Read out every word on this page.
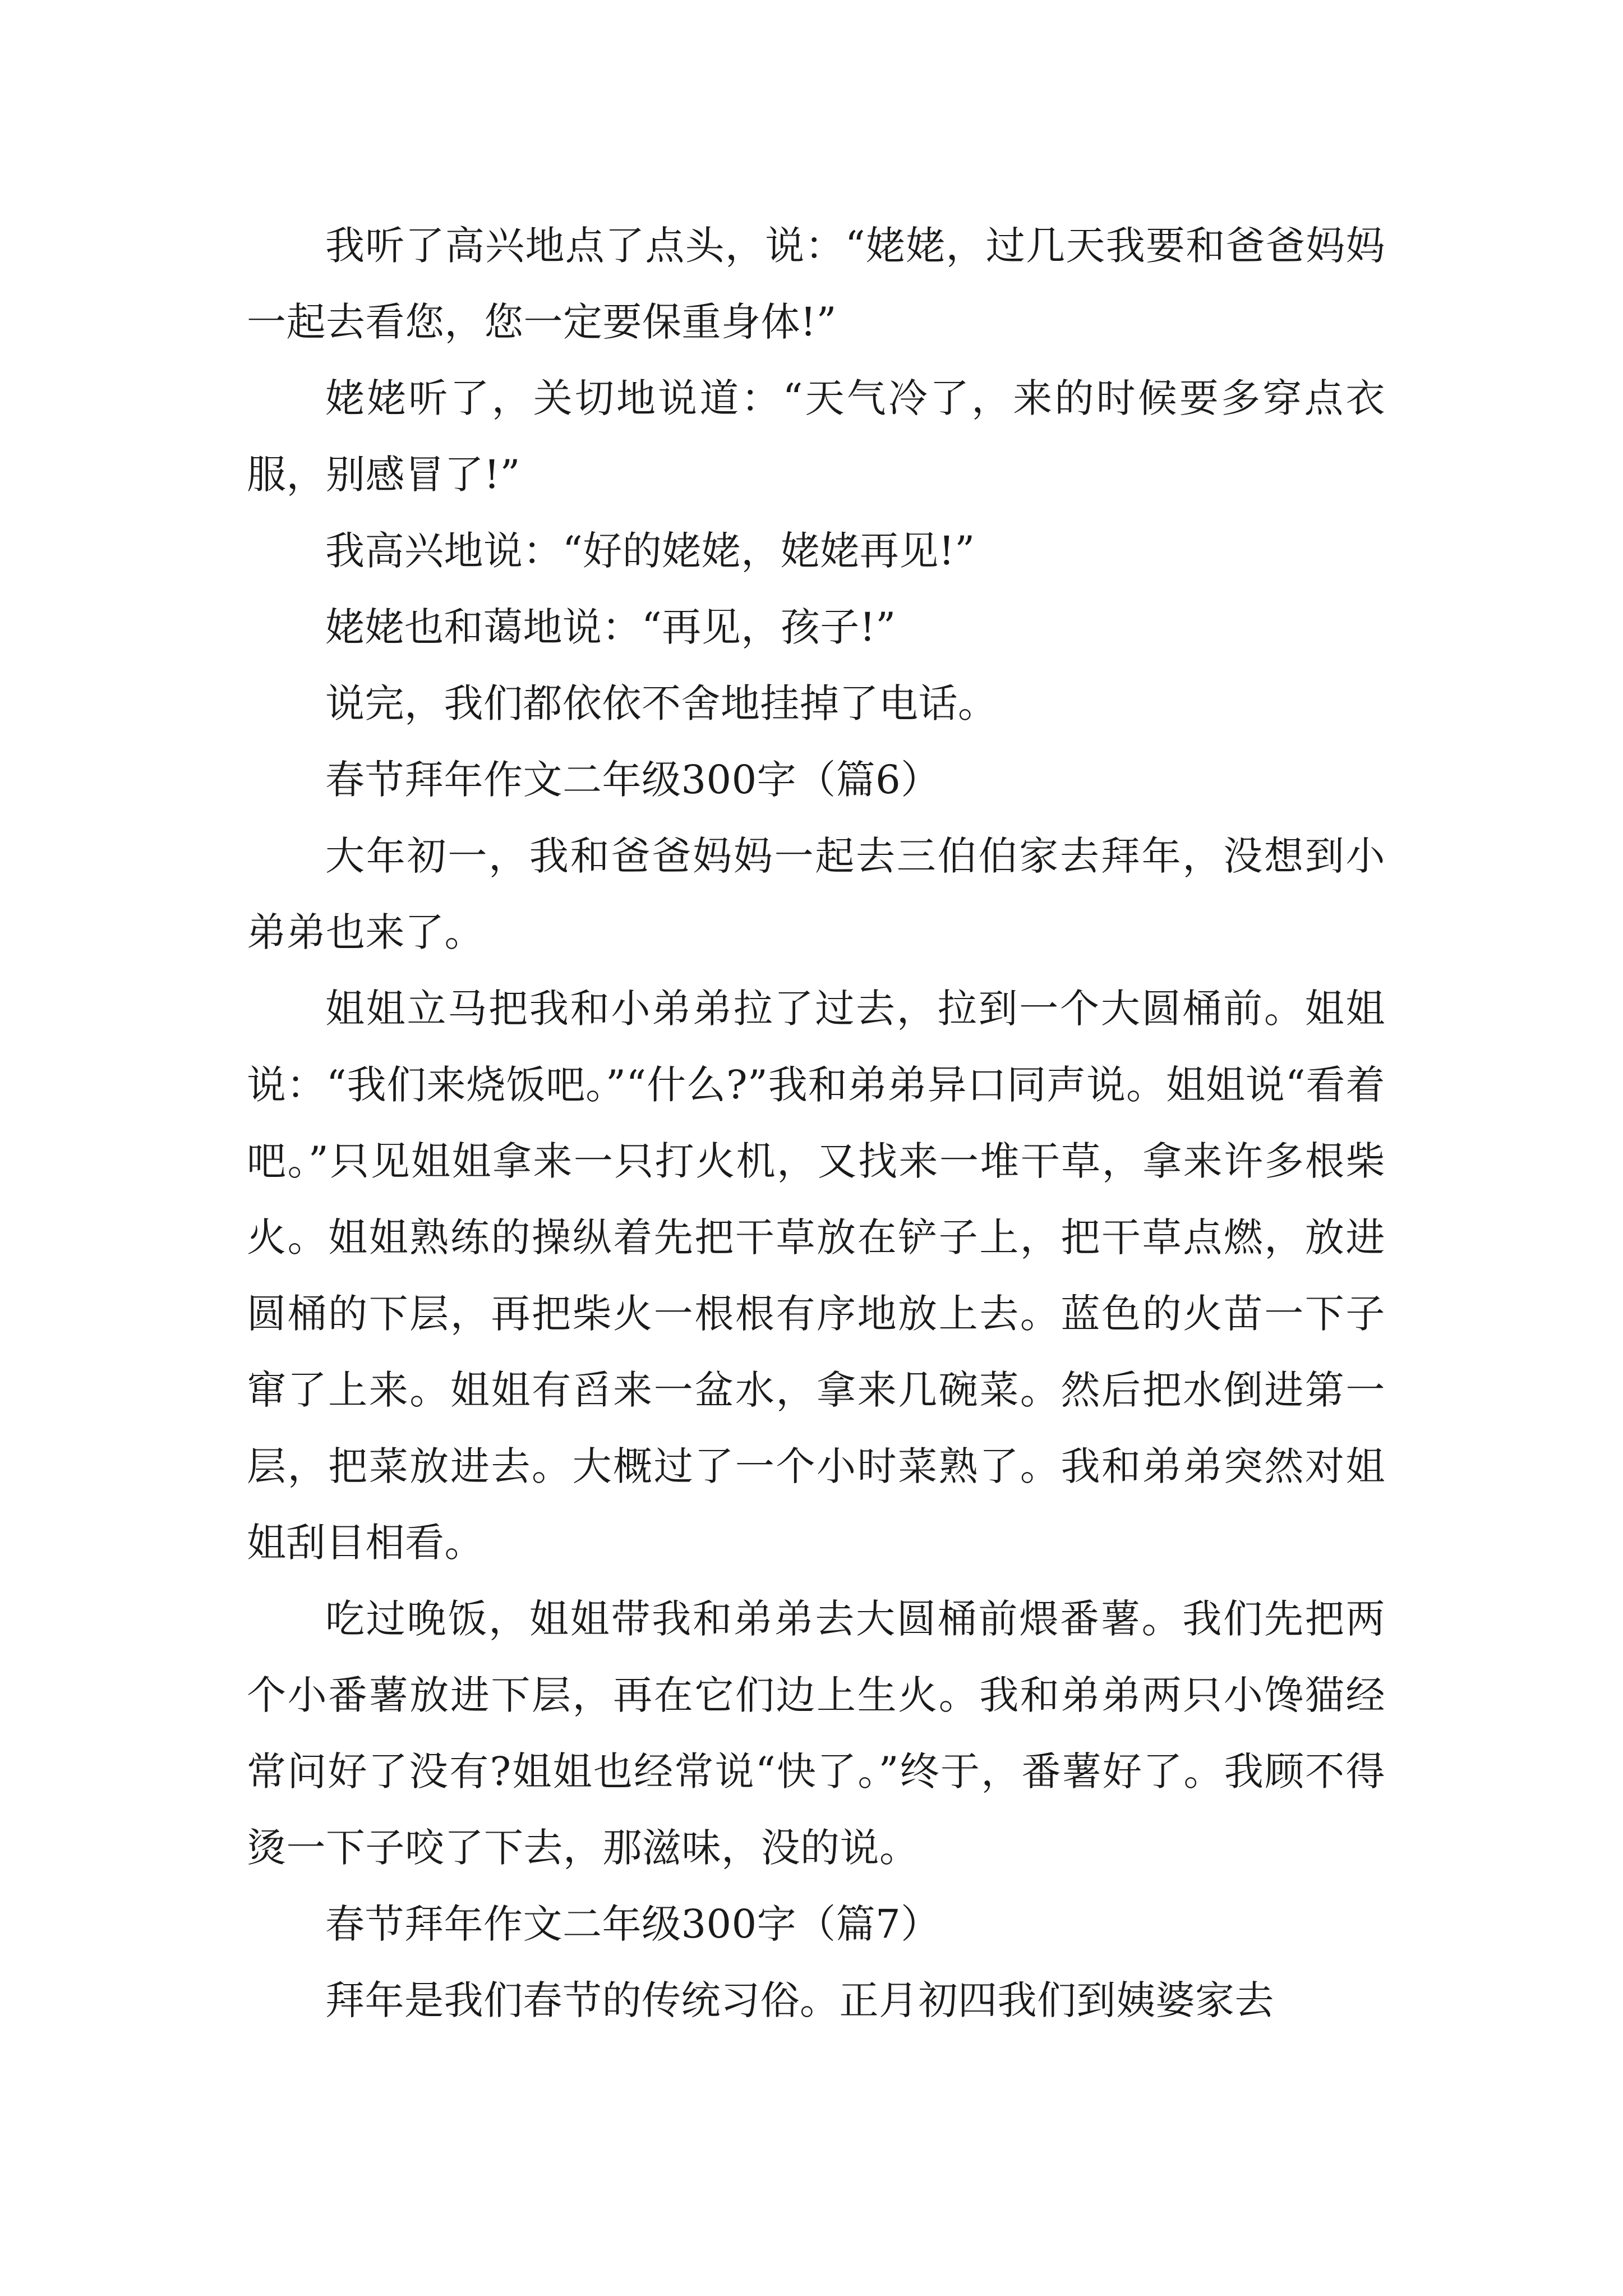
我听了高兴地点了点头，说：“姥姥，过几天我要和爸爸妈妈一起去看您，您一定要保重身体!”

姥姥听了，关切地说道：“天气冷了，来的时候要多穿点衣服，别感冒了!”

我高兴地说：“好的姥姥，姥姥再见!”

姥姥也和蔼地说：“再见，孩子!”

说完，我们都依依不舍地挂掉了电话。

春节拜年作文二年级300字（篇6）

大年初一，我和爸爸妈妈一起去三伯伯家去拜年，没想到小弟弟也来了。

姐姐立马把我和小弟弟拉了过去，拉到一个大圆桶前。姐姐说：“我们来烧饭吧。”“什么?”我和弟弟异口同声说。姐姐说“看着吧。”只见姐姐拿来一只打火机，又找来一堆干草，拿来许多根柴火。姐姐熟练的操纵着先把干草放在铲子上，把干草点燃，放进圆桶的下层，再把柴火一根根有序地放上去。蓝色的火苗一下子窜了上来。姐姐有舀来一盆水，拿来几碗菜。然后把水倒进第一层，把菜放进去。大概过了一个小时菜熟了。我和弟弟突然对姐姐刮目相看。

吃过晚饭，姐姐带我和弟弟去大圆桶前煨番薯。我们先把两个小番薯放进下层，再在它们边上生火。我和弟弟两只小馋猫经常问好了没有?姐姐也经常说“快了。”终于，番薯好了。我顾不得烫一下子咬了下去，那滋味，没的说。

春节拜年作文二年级300字（篇7）

拜年是我们春节的传统习俗。正月初四我们到姨婆家去
